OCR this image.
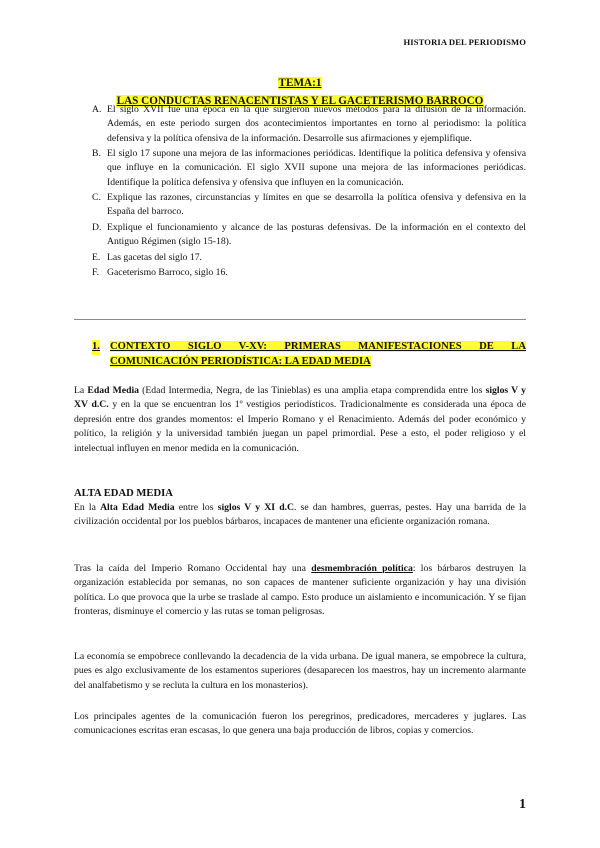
HISTORIA DEL PERIODISMO
TEMA:1
LAS CONDUCTAS RENACENTISTAS Y EL GACETERISMO BARROCO
A. El siglo XVII fue una época en la que surgieron nuevos métodos para la difusión de la información. Además, en este periodo surgen dos acontecimientos importantes en torno al periodismo: la política defensiva y la política ofensiva de la información. Desarrolle sus afirmaciones y ejemplifique.
B. El siglo 17 supone una mejora de las informaciones periódicas. Identifique la política defensiva y ofensiva que influye en la comunicación. El siglo XVII supone una mejora de las informaciones periódicas. Identifique la política defensiva y ofensiva que influyen en la comunicación.
C. Explique las razones, circunstancias y límites en que se desarrolla la política ofensiva y defensiva en la España del barroco.
D. Explique el funcionamiento y alcance de las posturas defensivas. De la información en el contexto del Antiguo Régimen (siglo 15-18).
E. Las gacetas del siglo 17.
F. Gaceterismo Barroco, siglo 16.
1. CONTEXTO SIGLO V-XV: PRIMERAS MANIFESTACIONES DE LA COMUNICACIÓN PERIODÍSTICA: LA EDAD MEDIA

La Edad Media (Edad Intermedia, Negra, de las Tinieblas) es una amplia etapa comprendida entre los siglos V y XV d.C. y en la que se encuentran los 1º vestigios periodísticos. Tradicionalmente es considerada una época de depresión entre dos grandes momentos: el Imperio Romano y el Renacimiento. Además del poder económico y político, la religión y la universidad también juegan un papel primordial. Pese a esto, el poder religioso y el intelectual influyen en menor medida en la comunicación.

ALTA EDAD MEDIA

En la Alta Edad Media entre los siglos V y XI d.C. se dan hambres, guerras, pestes. Hay una barrida de la civilización occidental por los pueblos bárbaros, incapaces de mantener una eficiente organización romana.

Tras la caída del Imperio Romano Occidental hay una desmembración política: los bárbaros destruyen la organización establecida por semanas, no son capaces de mantener suficiente organización y hay una división política. Lo que provoca que la urbe se traslade al campo. Esto produce un aislamiento e incomunicación. Y se fijan fronteras, disminuye el comercio y las rutas se toman peligrosas.

La economía se empobrece conllevando la decadencia de la vida urbana. De igual manera, se empobrece la cultura, pues es algo exclusivamente de los estamentos superiores (desaparecen los maestros, hay un incremento alarmante del analfabetismo y se recluta la cultura en los monasterios).

Los principales agentes de la comunicación fueron los peregrinos, predicadores, mercaderes y juglares. Las comunicaciones escritas eran escasas, lo que genera una baja producción de libros, copias y comercios.

1
